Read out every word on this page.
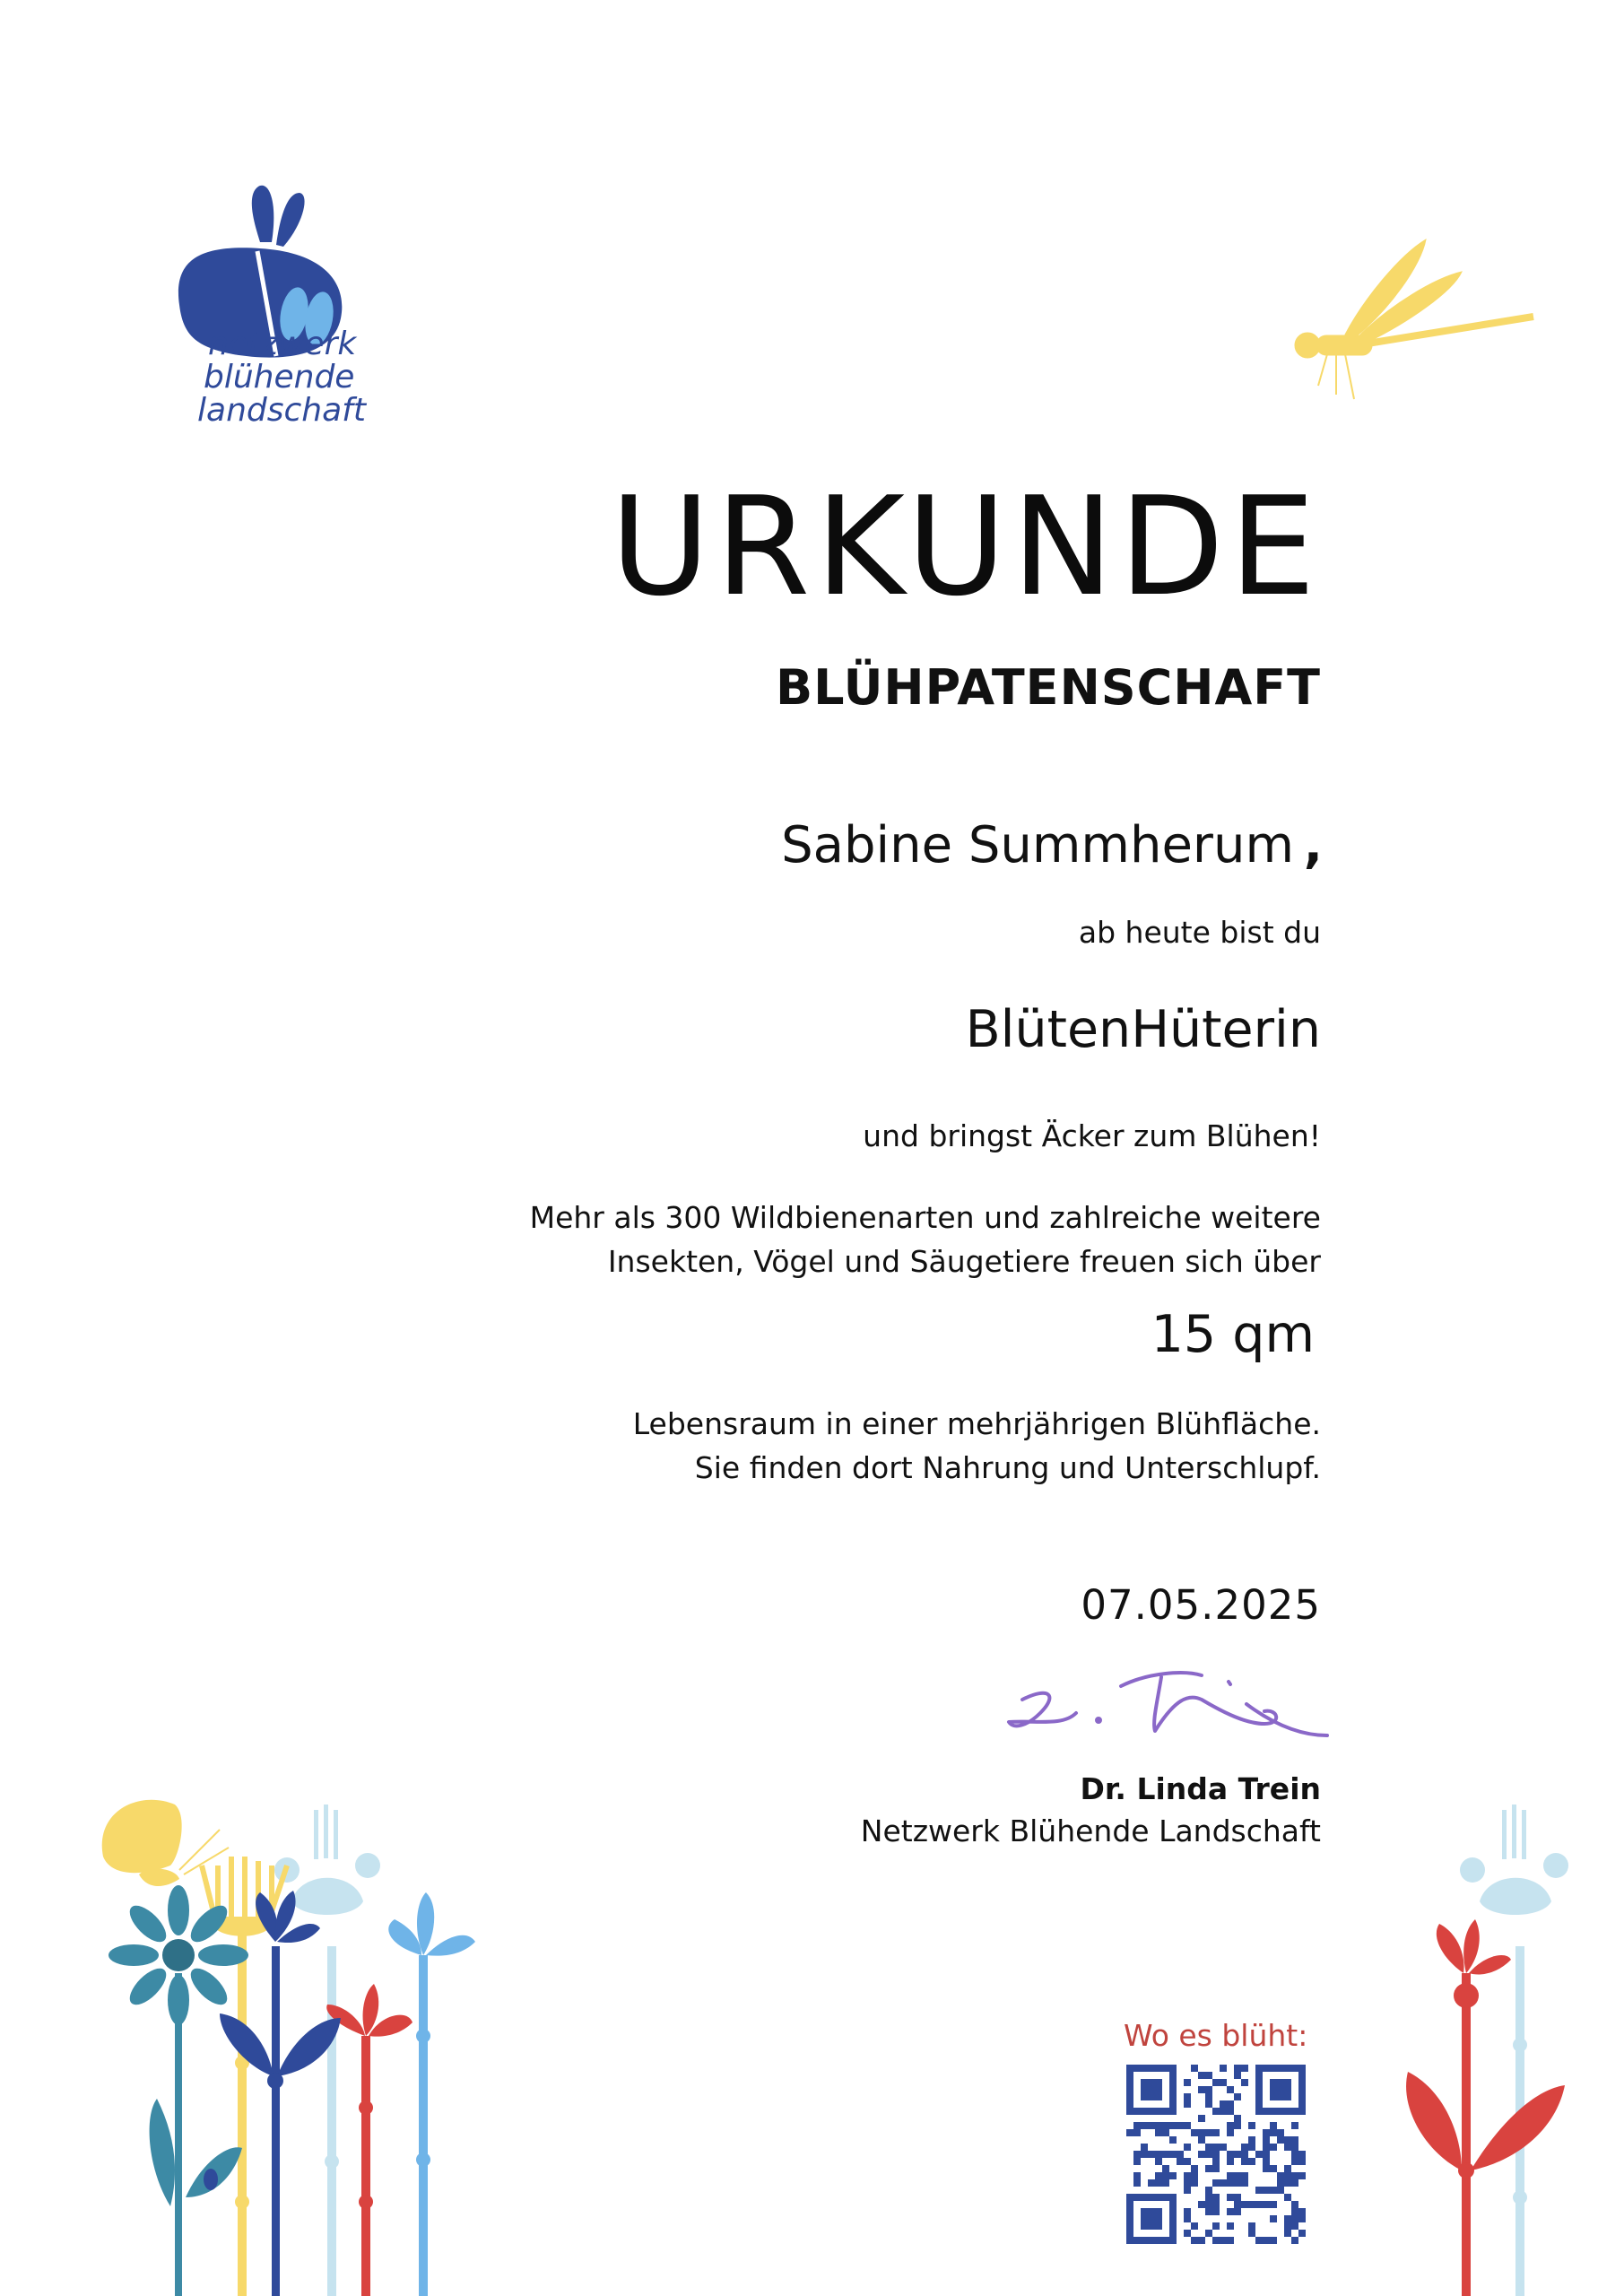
netzwerk
blühende
landschaft
URKUNDE
BLÜHPATENSCHAFT
Sabine Summherum ,
ab heute bist du
BlütenHüterin
und bringst Äcker zum Blühen!
Mehr als 300 Wildbienenarten und zahlreiche weitere
Insekten, Vögel und Säugetiere freuen sich über
15 qm
Lebensraum in einer mehrjährigen Blühfläche.
Sie finden dort Nahrung und Unterschlupf.
07.05.2025
Dr. Linda Trein
Netzwerk Blühende Landschaft
Wo es blüht:
